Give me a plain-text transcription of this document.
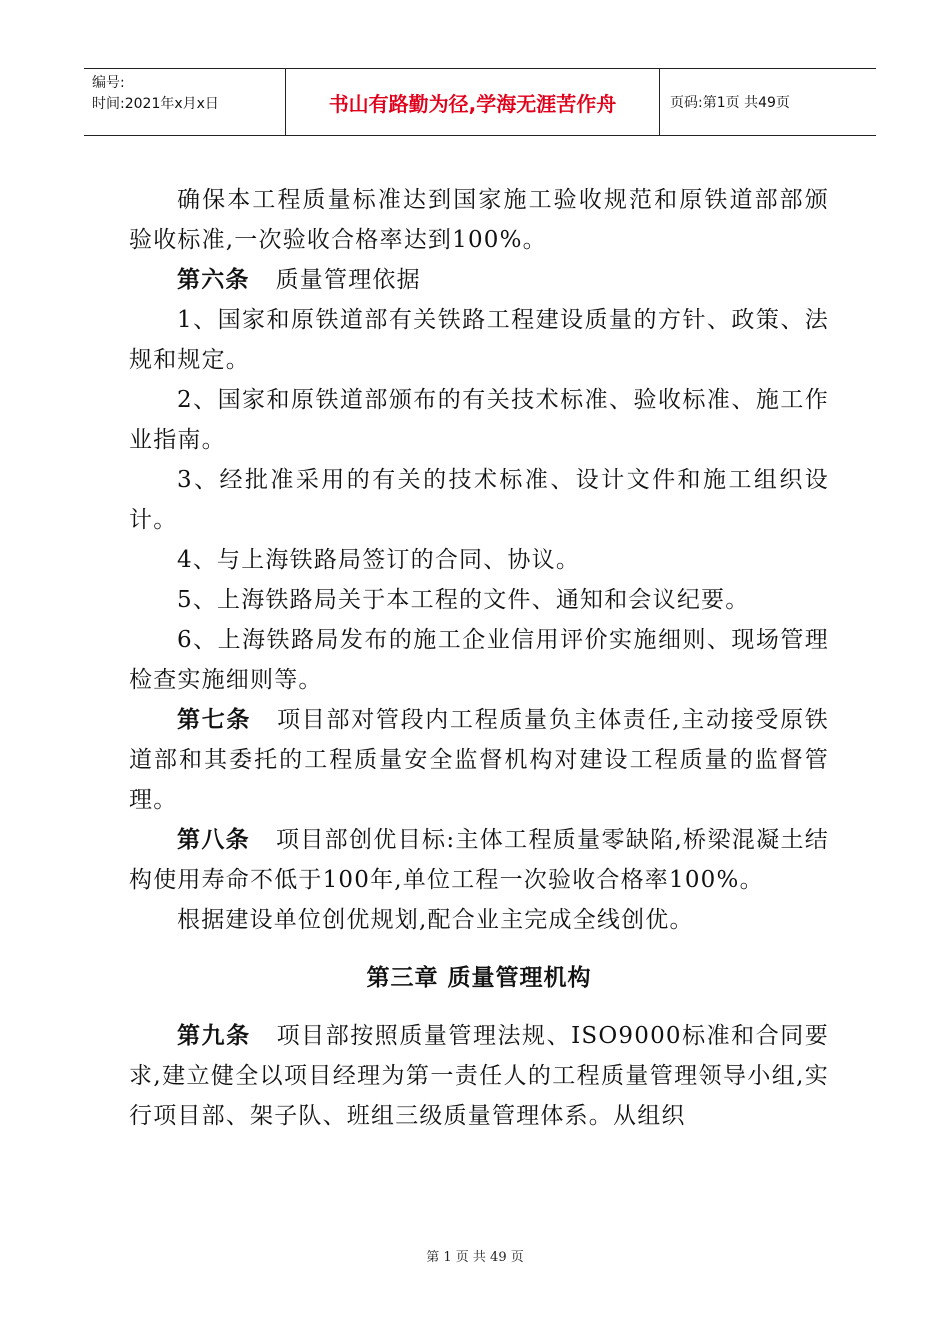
编号:
时间:2021年x月x日	书山有路勤为径,学海无涯苦作舟	页码:第1页 共49页

确保本工程质量标准达到国家施工验收规范和原铁道部部颁验收标准,一次验收合格率达到100%。

第六条 质量管理依据

1、国家和原铁道部有关铁路工程建设质量的方针、政策、法规和规定。

2、国家和原铁道部颁布的有关技术标准、验收标准、施工作业指南。

3、经批准采用的有关的技术标准、设计文件和施工组织设计。

4、与上海铁路局签订的合同、协议。

5、上海铁路局关于本工程的文件、通知和会议纪要。

6、上海铁路局发布的施工企业信用评价实施细则、现场管理检查实施细则等。

第七条 项目部对管段内工程质量负主体责任,主动接受原铁道部和其委托的工程质量安全监督机构对建设工程质量的监督管理。

第八条 项目部创优目标:主体工程质量零缺陷,桥梁混凝土结构使用寿命不低于100年,单位工程一次验收合格率100%。

根据建设单位创优规划,配合业主完成全线创优。

第三章 质量管理机构

第九条 项目部按照质量管理法规、ISO9000标准和合同要求,建立健全以项目经理为第一责任人的工程质量管理领导小组,实行项目部、架子队、班组三级质量管理体系。从组织

第 1 页 共 49 页
